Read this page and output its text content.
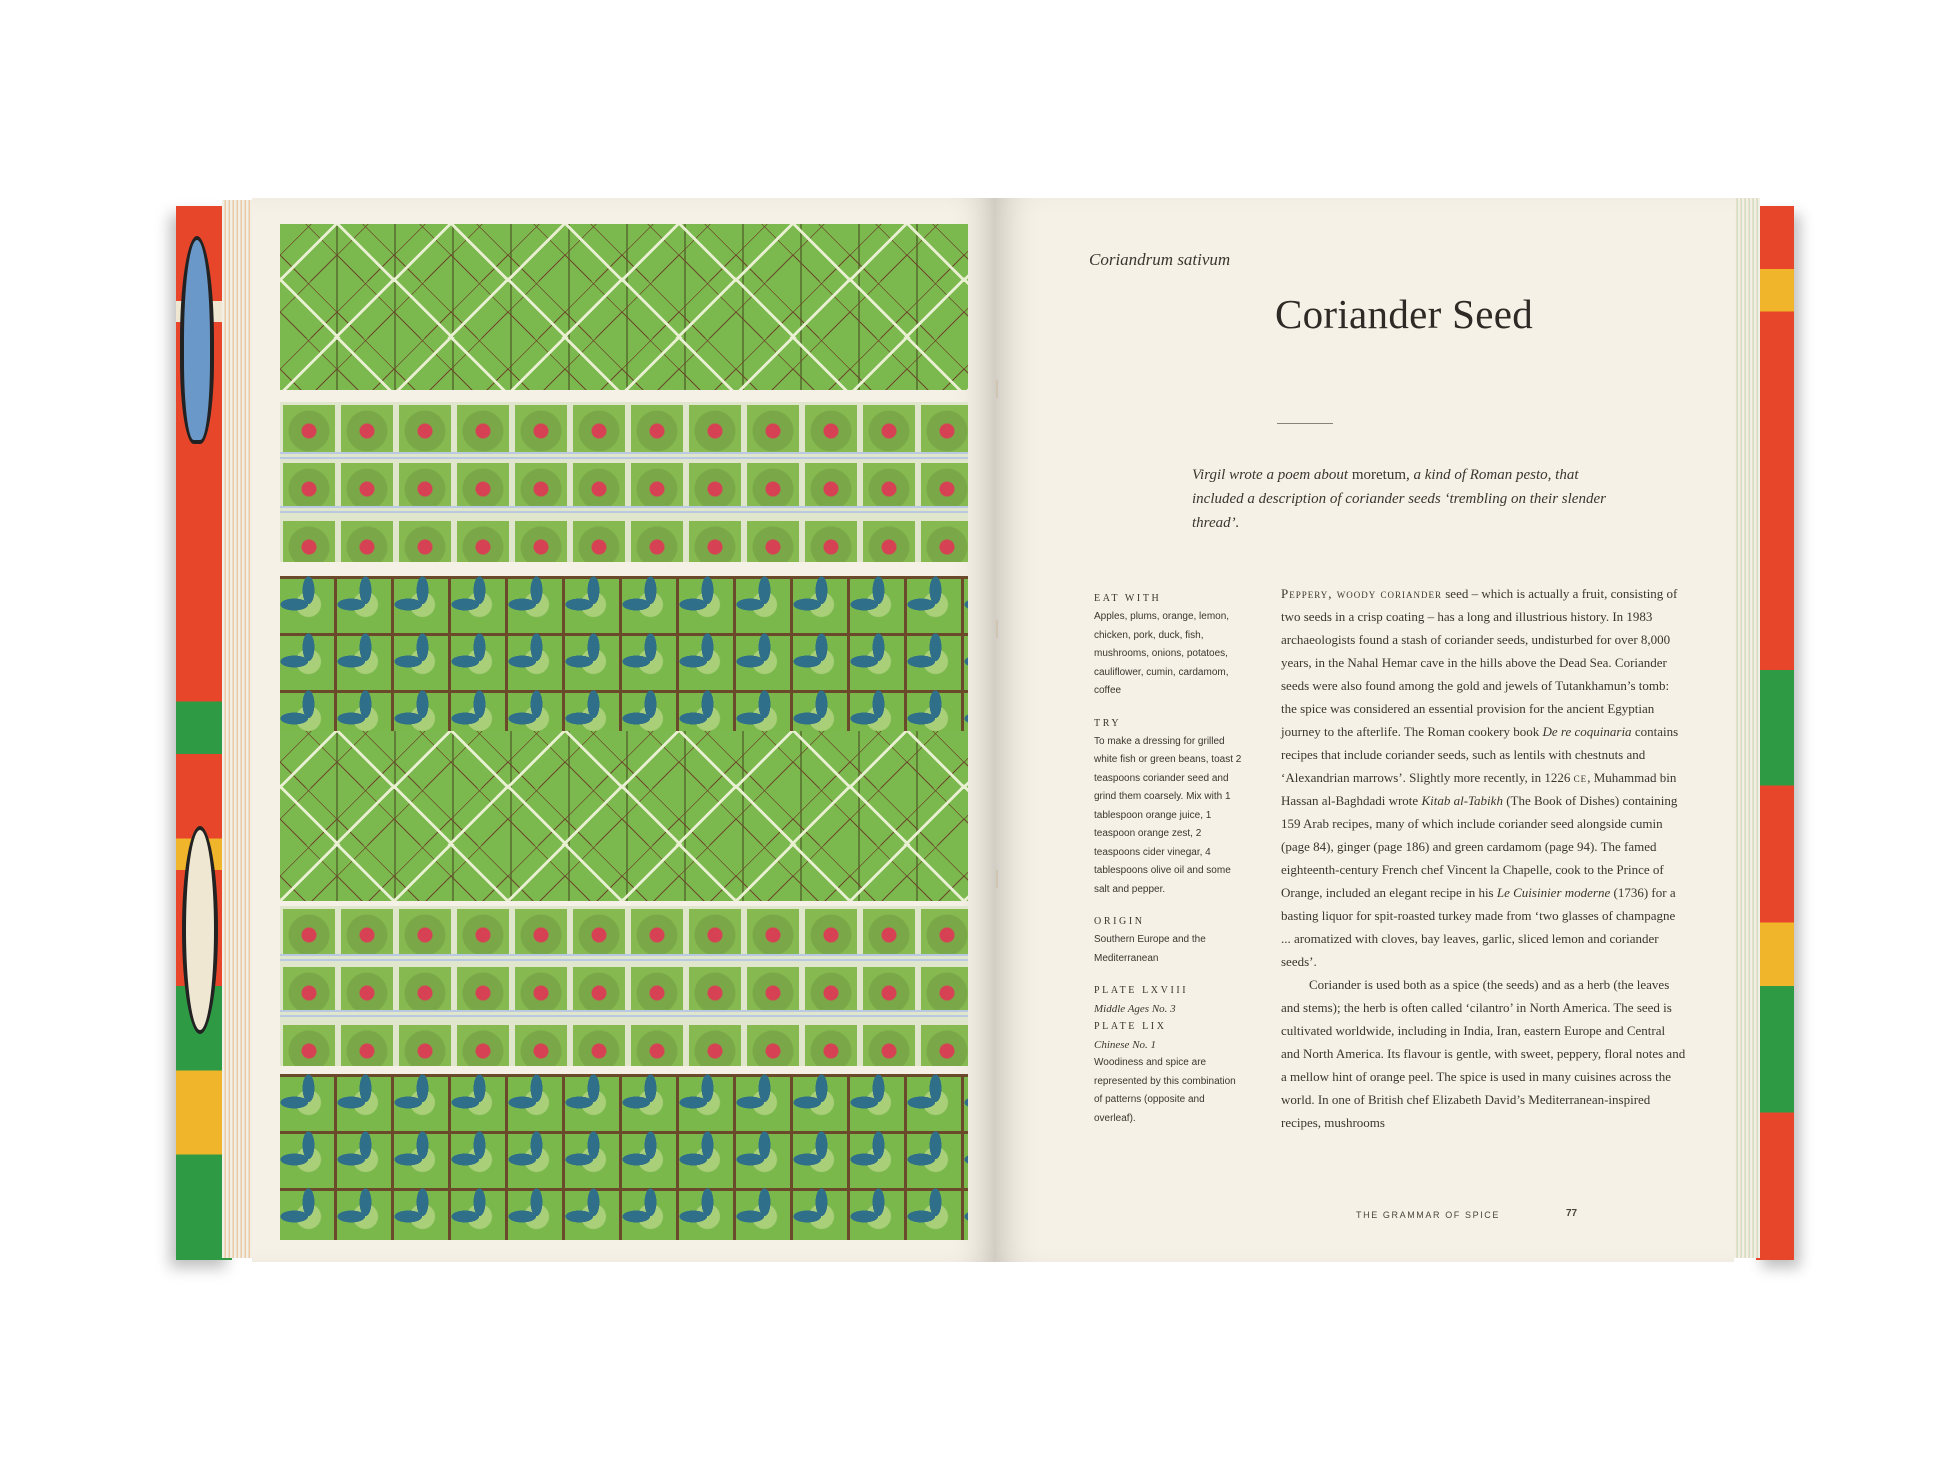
Coriandrum sativum
Coriander Seed
Virgil wrote a poem about moretum, a kind of Roman pesto, that included a description of coriander seeds ‘trembling on their slender thread’.
EAT WITH
Apples, plums, orange, lemon, chicken, pork, duck, fish, mushrooms, onions, potatoes, cauliflower, cumin, cardamom, coffee
TRY
To make a dressing for grilled white fish or green beans, toast 2 teaspoons coriander seed and grind them coarsely. Mix with 1 tablespoon orange juice, 1 teaspoon orange zest, 2 teaspoons cider vinegar, 4 tablespoons olive oil and some salt and pepper.
ORIGIN
Southern Europe and the Mediterranean
PLATE LXVIII
Middle Ages No. 3
PLATE LIX
Chinese No. 1
Woodiness and spice are represented by this combination of patterns (opposite and overleaf).

Peppery, woody coriander seed – which is actually a fruit, consisting of two seeds in a crisp coating – has a long and illustrious history. In 1983 archaeologists found a stash of coriander seeds, undisturbed for over 8,000 years, in the Nahal Hemar cave in the hills above the Dead Sea. Coriander seeds were also found among the gold and jewels of Tutankhamun’s tomb: the spice was considered an essential provision for the ancient Egyptian journey to the afterlife. The Roman cookery book De re coquinaria contains recipes that include coriander seeds, such as lentils with chestnuts and ‘Alexandrian marrows’. Slightly more recently, in 1226 ce, Muhammad bin Hassan al-Baghdadi wrote Kitab al-Tabikh (The Book of Dishes) containing 159 Arab recipes, many of which include coriander seed alongside cumin (page 84), ginger (page 186) and green cardamom (page 94). The famed eighteenth-century French chef Vincent la Chapelle, cook to the Prince of Orange, included an elegant recipe in his Le Cuisinier moderne (1736) for a basting liquor for spit-roasted turkey made from ‘two glasses of champagne ... aromatized with cloves, bay leaves, garlic, sliced lemon and coriander seeds’.

Coriander is used both as a spice (the seeds) and as a herb (the leaves and stems); the herb is often called ‘cilantro’ in North America. The seed is cultivated worldwide, including in India, Iran, eastern Europe and Central and North America. Its flavour is gentle, with sweet, peppery, floral notes and a mellow hint of orange peel. The spice is used in many cuisines across the world. In one of British chef Elizabeth David’s Mediterranean-inspired recipes, mushrooms

THE GRAMMAR OF SPICE	77
